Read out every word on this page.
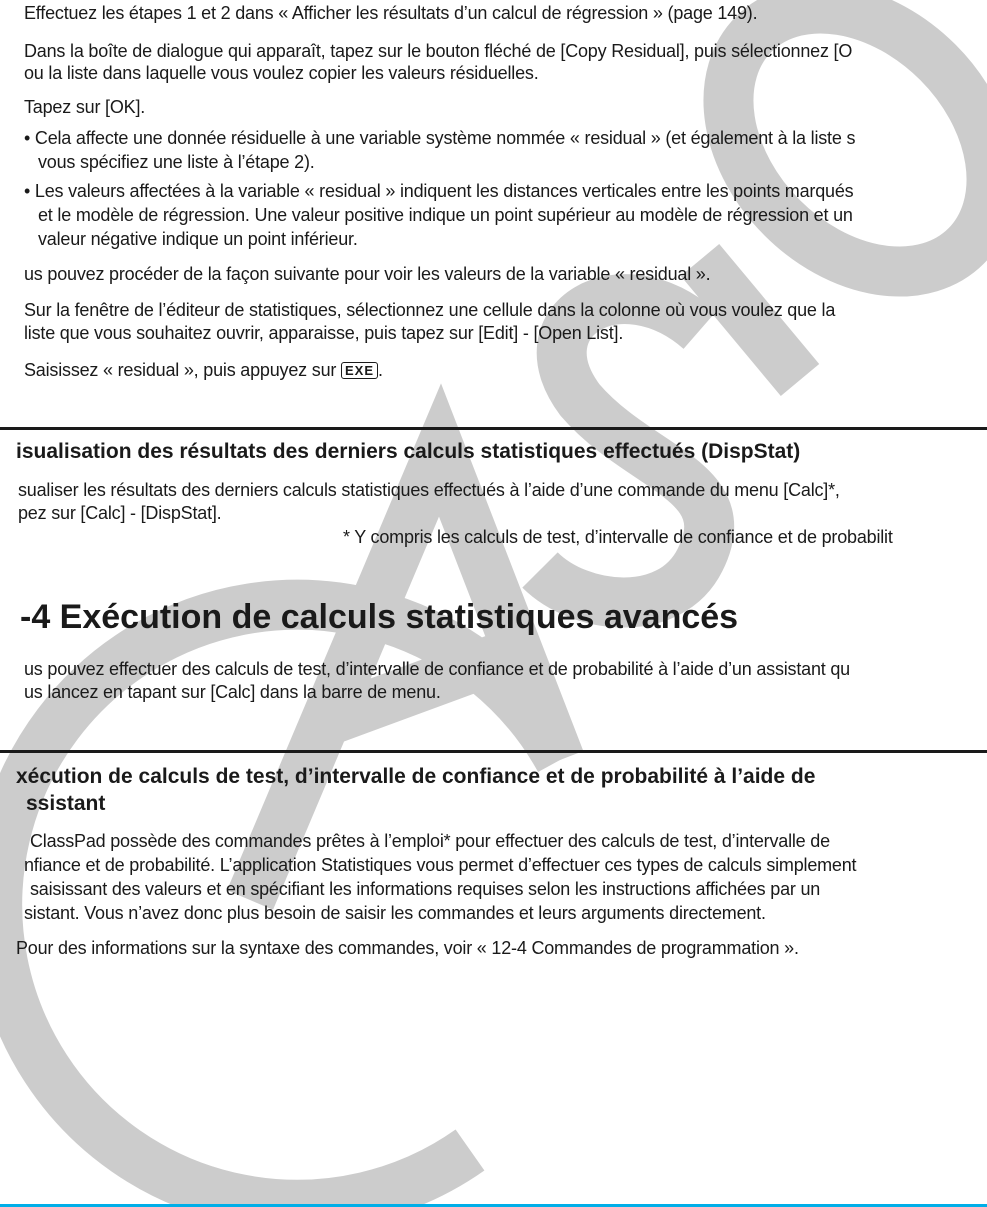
Effectuez les étapes 1 et 2 dans « Afficher les résultats d’un calcul de régression » (page 149).
Dans la boîte de dialogue qui apparaît, tapez sur le bouton fléché de [Copy Residual], puis sélectionnez [O
ou la liste dans laquelle vous voulez copier les valeurs résiduelles.
Tapez sur [OK].
• Cela affecte une donnée résiduelle à une variable système nommée « residual » (et également à la liste s
vous spécifiez une liste à l’étape 2).
• Les valeurs affectées à la variable « residual » indiquent les distances verticales entre les points marqués
et le modèle de régression. Une valeur positive indique un point supérieur au modèle de régression et un
valeur négative indique un point inférieur.
us pouvez procéder de la façon suivante pour voir les valeurs de la variable « residual ».
Sur la fenêtre de l’éditeur de statistiques, sélectionnez une cellule dans la colonne où vous voulez que la
liste que vous souhaitez ouvrir, apparaisse, puis tapez sur [Edit] - [Open List].
Saisissez « residual », puis appuyez sur EXE .
isualisation des résultats des derniers calculs statistiques effectués (DispStat)
sualiser les résultats des derniers calculs statistiques effectués à l’aide d’une commande du menu [Calc]*,
pez sur [Calc] - [DispStat].
* Y compris les calculs de test, d’intervalle de confiance et de probabilit
-4 Exécution de calculs statistiques avancés
us pouvez effectuer des calculs de test, d’intervalle de confiance et de probabilité à l’aide d’un assistant qu
us lancez en tapant sur [Calc] dans la barre de menu.
xécution de calculs de test, d’intervalle de confiance et de probabilité à l’aide de
ssistant
ClassPad possède des commandes prêtes à l’emploi* pour effectuer des calculs de test, d’intervalle de
nfiance et de probabilité. L’application Statistiques vous permet d’effectuer ces types de calculs simplement
saisissant des valeurs et en spécifiant les informations requises selon les instructions affichées par un
sistant. Vous n’avez donc plus besoin de saisir les commandes et leurs arguments directement.
Pour des informations sur la syntaxe des commandes, voir « 12-4 Commandes de programmation ».
